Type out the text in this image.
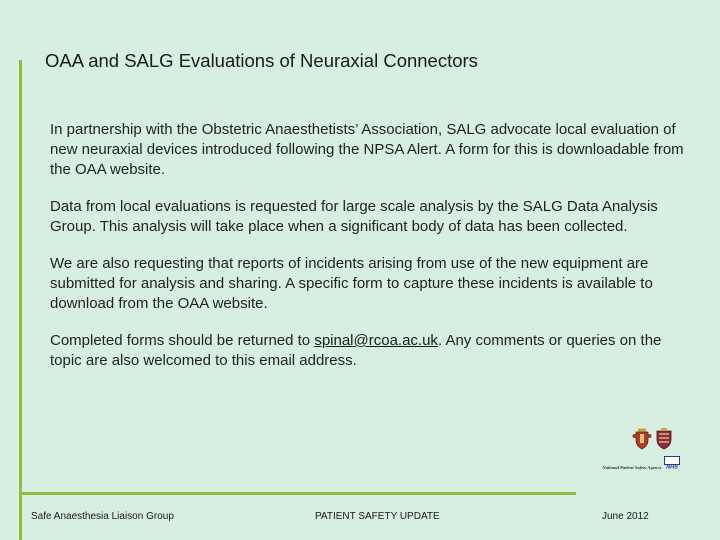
OAA and SALG Evaluations of Neuraxial Connectors

In partnership with the Obstetric Anaesthetists’ Association, SALG advocate local evaluation of new neuraxial devices introduced following the NPSA Alert. A form for this is downloadable from the OAA website.

Data from local evaluations is requested for large scale analysis by the SALG Data Analysis Group. This analysis will take place when a significant body of data has been collected.

We are also requesting that reports of incidents arising from use of the new equipment are submitted for analysis and sharing. A specific form to capture these incidents is available to download from the OAA website.

Completed forms should be returned to spinal@rcoa.ac.uk. Any comments or queries on the topic are also welcomed to this email address.

NHS
National Patient Safety Agency
Safe Anaesthesia Liaison Group	PATIENT SAFETY UPDATE	June 2012
